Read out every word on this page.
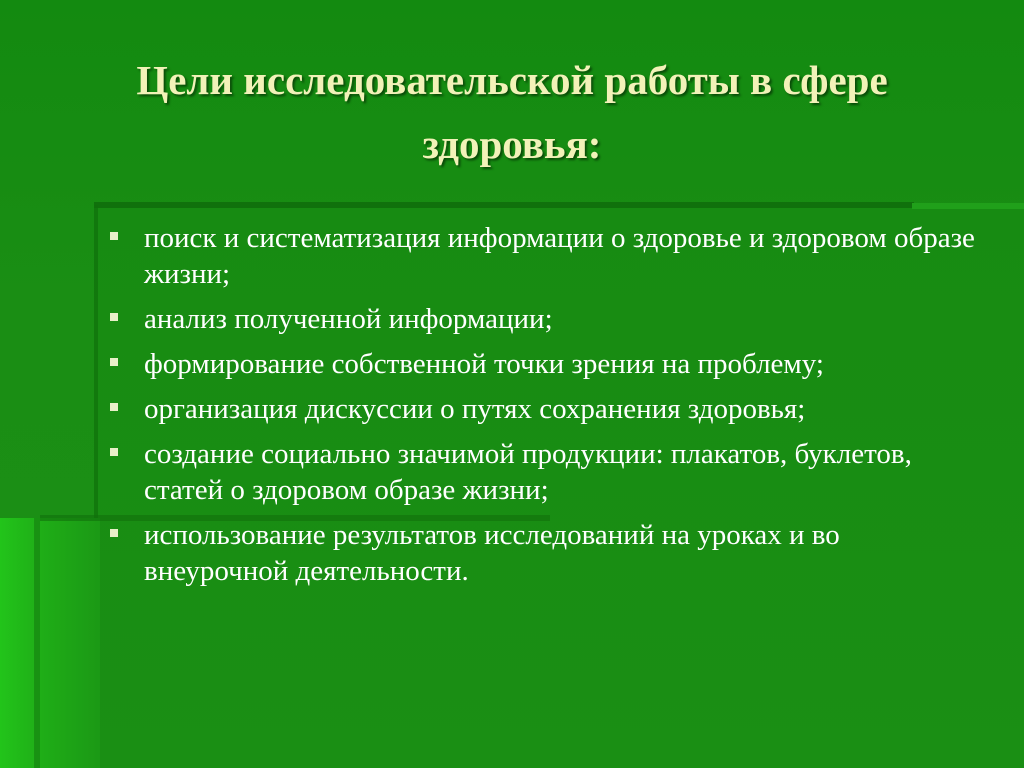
Цели исследовательской работы в сфере здоровья:
поиск и систематизация информации о здоровье и здоровом образе жизни;
анализ полученной информации;
формирование собственной точки зрения на проблему;
организация дискуссии о путях сохранения здоровья;
создание социально значимой продукции: плакатов, буклетов, статей о здоровом образе жизни;
использование результатов исследований на уроках и во внеурочной деятельности.
